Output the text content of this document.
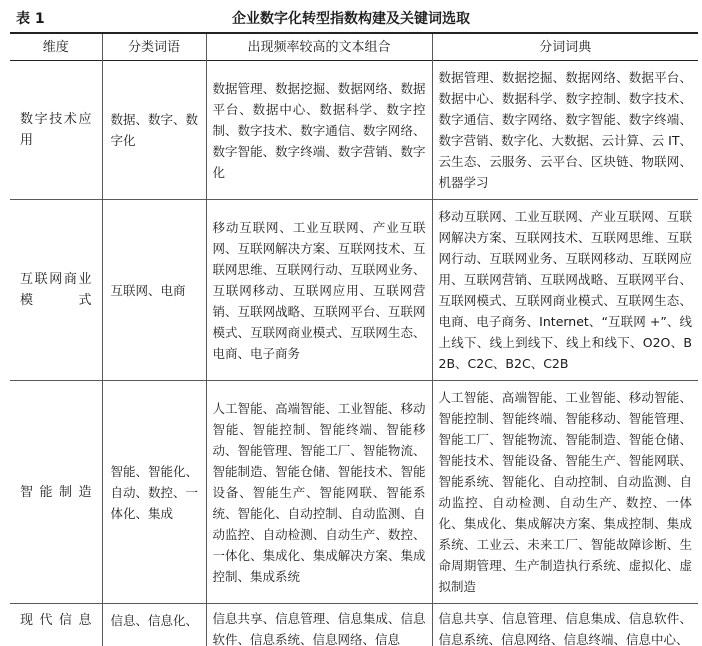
表 1	企业数字化转型指数构建及关键词选取
维度	分类词语	出现频率较高的文本组合	分词词典
数字技术应用	数据、数字、数字化	数据管理、数据挖掘、数据网络、数据平台、数据中心、数据科学、数字控制、数字技术、数字通信、数字网络、数字智能、数字终端、数字营销、数字化	数据管理、数据挖掘、数据网络、数据平台、数据中心、数据科学、数字控制、数字技术、数字通信、数字网络、数字智能、数字终端、数字营销、数字化、大数据、云计算、云 IT、云生态、云服务、云平台、区块链、物联网、机器学习
互联网商业模式	互联网、电商	移动互联网、工业互联网、产业互联网、互联网解决方案、互联网技术、互联网思维、互联网行动、互联网业务、互联网移动、互联网应用、互联网营销、互联网战略、互联网平台、互联网模式、互联网商业模式、互联网生态、电商、电子商务	移动互联网、工业互联网、产业互联网、互联网解决方案、互联网技术、互联网思维、互联网行动、互联网业务、互联网移动、互联网应用、互联网营销、互联网战略、互联网平台、互联网模式、互联网商业模式、互联网生态、电商、电子商务、Internet、“互联网 +”、线上线下、线上到线下、线上和线下、O2O、B2B、C2C、B2C、C2B
智能制造	智能、智能化、自动、数控、一体化、集成	人工智能、高端智能、工业智能、移动智能、智能控制、智能终端、智能移动、智能管理、智能工厂、智能物流、智能制造、智能仓储、智能技术、智能设备、智能生产、智能网联、智能系统、智能化、自动控制、自动监测、自动监控、自动检测、自动生产、数控、一体化、集成化、集成解决方案、集成控制、集成系统	人工智能、高端智能、工业智能、移动智能、智能控制、智能终端、智能移动、智能管理、智能工厂、智能物流、智能制造、智能仓储、智能技术、智能设备、智能生产、智能网联、智能系统、智能化、自动控制、自动监测、自动监控、自动检测、自动生产、数控、一体化、集成化、集成解决方案、集成控制、集成系统、工业云、未来工厂、智能故障诊断、生命周期管理、生产制造执行系统、虚拟化、虚拟制造
现代信息	信息、信息化、	信息共享、信息管理、信息集成、信息软件、信息系统、信息网络、信息	信息共享、信息管理、信息集成、信息软件、信息系统、信息网络、信息终端、信息中心、
